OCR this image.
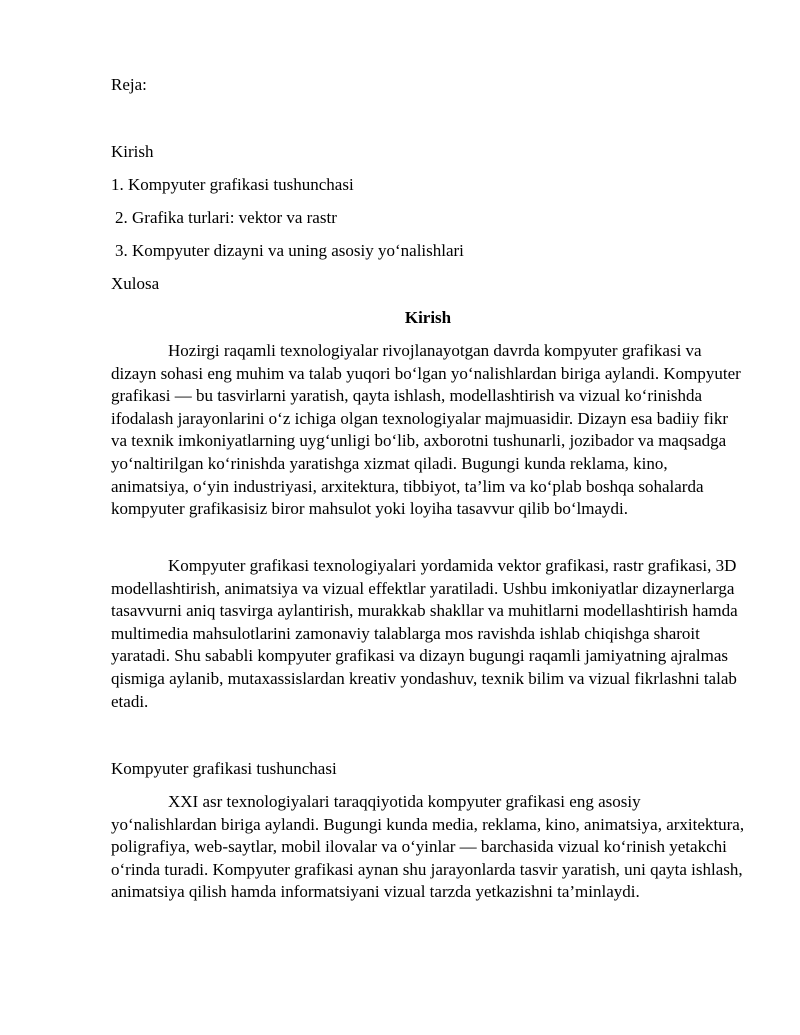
Reja:
Kirish
1. Kompyuter grafikasi tushunchasi
2. Grafika turlari: vektor va rastr
3. Kompyuter dizayni va uning asosiy yo‘nalishlari
Xulosa
Kirish

Hozirgi raqamli texnologiyalar rivojlanayotgan davrda kompyuter grafikasi va dizayn sohasi eng muhim va talab yuqori bo‘lgan yo‘nalishlardan biriga aylandi. Kompyuter grafikasi — bu tasvirlarni yaratish, qayta ishlash, modellashtirish va vizual ko‘rinishda ifodalash jarayonlarini o‘z ichiga olgan texnologiyalar majmuasidir. Dizayn esa badiiy fikr va texnik imkoniyatlarning uyg‘unligi bo‘lib, axborotni tushunarli, jozibador va maqsadga yo‘naltirilgan ko‘rinishda yaratishga xizmat qiladi. Bugungi kunda reklama, kino, animatsiya, o‘yin industriyasi, arxitektura, tibbiyot, ta’lim va ko‘plab boshqa sohalarda kompyuter grafikasisiz biror mahsulot yoki loyiha tasavvur qilib bo‘lmaydi.

Kompyuter grafikasi texnologiyalari yordamida vektor grafikasi, rastr grafikasi, 3D modellashtirish, animatsiya va vizual effektlar yaratiladi. Ushbu imkoniyatlar dizaynerlarga tasavvurni aniq tasvirga aylantirish, murakkab shakllar va muhitlarni modellashtirish hamda multimedia mahsulotlarini zamonaviy talablarga mos ravishda ishlab chiqishga sharoit yaratadi. Shu sababli kompyuter grafikasi va dizayn bugungi raqamli jamiyatning ajralmas qismiga aylanib, mutaxassislardan kreativ yondashuv, texnik bilim va vizual fikrlashni talab etadi.

Kompyuter grafikasi tushunchasi

XXI asr texnologiyalari taraqqiyotida kompyuter grafikasi eng asosiy yo‘nalishlardan biriga aylandi. Bugungi kunda media, reklama, kino, animatsiya, arxitektura, poligrafiya, web-saytlar, mobil ilovalar va o‘yinlar — barchasida vizual ko‘rinish yetakchi o‘rinda turadi. Kompyuter grafikasi aynan shu jarayonlarda tasvir yaratish, uni qayta ishlash, animatsiya qilish hamda informatsiyani vizual tarzda yetkazishni ta’minlaydi.
